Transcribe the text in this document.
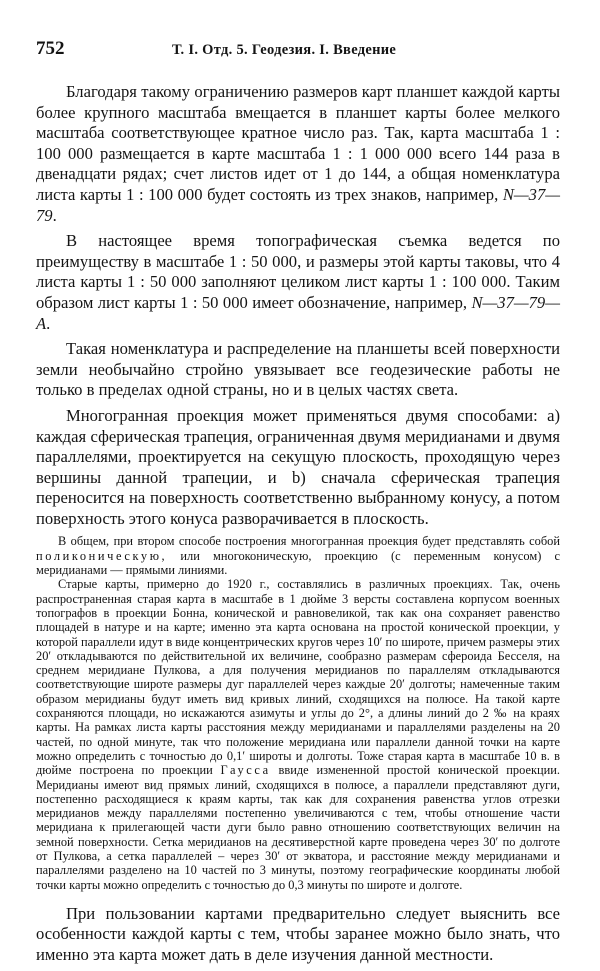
752	Т. I. Отд. 5. Геодезия. I. Введение

Благодаря такому ограничению размеров карт планшет каждой карты более крупного масштаба вмещается в планшет карты более мелкого масштаба соответствующее кратное число раз. Так, карта масштаба 1 : 100 000 размещается в карте масштаба 1 : 1 000 000 всего 144 раза в двенадцати рядах; счет листов идет от 1 до 144, а общая номенклатура листа карты 1 : 100 000 будет состоять из трех знаков, например, N—37—79.

В настоящее время топографическая съемка ведется по преимуществу в масштабе 1 : 50 000, и размеры этой карты таковы, что 4 листа карты 1 : 50 000 заполняют целиком лист карты 1 : 100 000. Таким образом лист карты 1 : 50 000 имеет обозначение, например, N—37—79—A.

Такая номенклатура и распределение на планшеты всей поверхности земли необычайно стройно увязывает все геодезические работы не только в пределах одной страны, но и в целых частях света.

Многогранная проекция может применяться двумя способами: а) каждая сферическая трапеция, ограниченная двумя меридианами и двумя параллелями, проектируется на секущую плоскость, проходящую через вершины данной трапеции, и b) сначала сферическая трапеция переносится на поверхность соответственно выбранному конусу, а потом поверхность этого конуса разворачивается в плоскость.

В общем, при втором способе построения многогранная проекция будет представлять собой поликоническую, или многоконическую, проекцию (с переменным конусом) с меридианами — прямыми линиями.

Старые карты, примерно до 1920 г., составлялись в различных проекциях. Так, очень распространенная старая карта в масштабе в 1 дюйме 3 версты составлена корпусом военных топографов в проекции Бонна, конической и равновеликой, так как она сохраняет равенство площадей в натуре и на карте; именно эта карта основана на простой конической проекции, у которой параллели идут в виде концентрических кругов через 10′ по широте, причем размеры этих 20′ откладываются по действительной их величине, сообразно размерам сфероида Бесселя, на среднем меридиане Пулкова, а для получения меридианов по параллелям откладываются соответствующие широте размеры дуг параллелей через каждые 20′ долготы; намеченные таким образом меридианы будут иметь вид кривых линий, сходящихся на полюсе. На такой карте сохраняются площади, но искажаются азимуты и углы до 2°, а длины линий до 2 ‰ на краях карты. На рамках листа карты расстояния между меридианами и параллелями разделены на 20 частей, по одной минуте, так что положение меридиана или параллели данной точки на карте можно определить с точностью до 0,1′ широты и долготы. Тоже старая карта в масштабе 10 в. в дюйме построена по проекции Гаусса ввиде измененной простой конической проекции. Меридианы имеют вид прямых линий, сходящихся в полюсе, а параллели представляют дуги, постепенно расходящиеся к краям карты, так как для сохранения равенства углов отрезки меридианов между параллелями постепенно увеличиваются с тем, чтобы отношение части меридиана к прилегающей части дуги было равно отношению соответствующих величин на земной поверхности. Сетка меридианов на десятиверстной карте проведена через 30′ по долготе от Пулкова, а сетка параллелей – через 30′ от экватора, и расстояние между меридианами и параллелями разделено на 10 частей по 3 минуты, поэтому географические координаты любой точки карты можно определить с точностью до 0,3 минуты по широте и долготе.

При пользовании картами предварительно следует выяснить все особенности каждой карты с тем, чтобы заранее можно было знать, что именно эта карта может дать в деле изучения данной местности.
